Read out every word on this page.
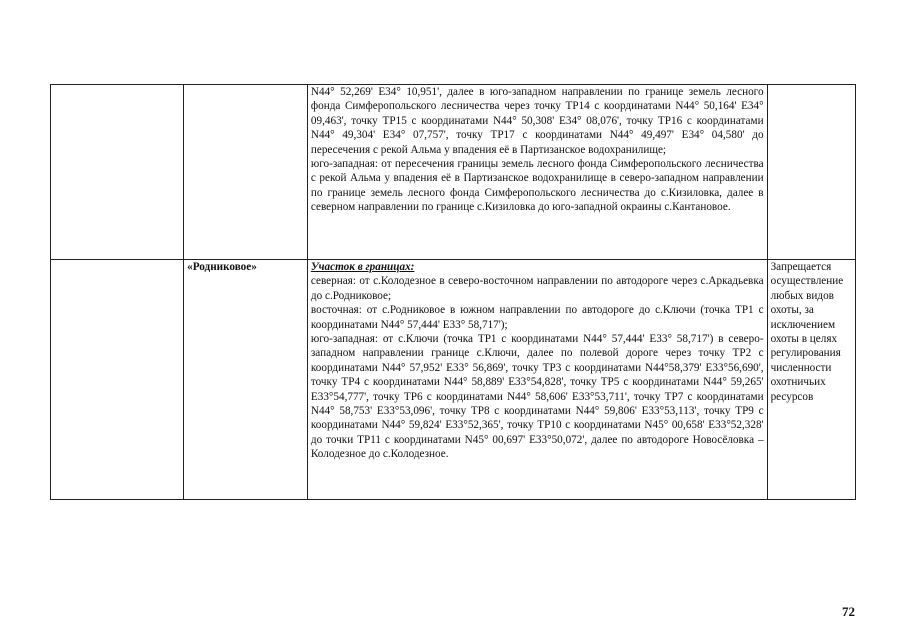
		N44° 52,269' E34° 10,951', далее в юго-западном направлении по границе земель лесного фонда Симферопольского лесничества через точку ТР14 с координатами N44° 50,164' E34° 09,463', точку ТР15 с координатами N44° 50,308' E34° 08,076', точку ТР16 с координатами N44° 49,304' E34° 07,757', точку ТР17 с координатами N44° 49,497' E34° 04,580' до пересечения с рекой Альма у впадения её в Партизанское водохранилище;

юго-западная: от пересечения границы земель лесного фонда Симферопольского лесничества с рекой Альма у впадения её в Партизанское водохранилище в северо-западном направлении по границе земель лесного фонда Симферопольского лесничества до с.Кизиловка, далее в северном направлении по границе с.Кизиловка до юго-западной окраины с.Кантановое.	

	«Родниковое»	Участок в границах:

северная: от с.Колодезное в северо-восточном направлении по автодороге через с.Аркадьевка до с.Родниковое;

восточная: от с.Родниковое в южном направлении по автодороге до с.Ключи (точка ТР1 с координатами N44° 57,444' E33° 58,717');

юго-западная: от с.Ключи (точка ТР1 с координатами N44° 57,444' E33° 58,717') в северо-западном направлении границе с.Ключи, далее по полевой дороге через точку ТР2 с координатами N44° 57,952' E33° 56,869', точку ТР3 с координатами N44°58,379' E33°56,690', точку ТР4 с координатами N44° 58,889' E33°54,828', точку ТР5 с координатами N44° 59,265' E33°54,777', точку ТР6 с координатами N44° 58,606' E33°53,711', точку ТР7 с координатами N44° 58,753' E33°53,096', точку ТР8 с координатами N44° 59,806' E33°53,113', точку ТР9 с координатами N44° 59,824' E33°52,365', точку ТР10 с координатами N45° 00,658' E33°52,328' до точки ТР11 с координатами N45° 00,697' E33°50,072', далее по автодороге Новосёловка – Колодезное до с.Колодезное.	Запрещается осуществление любых видов охоты, за исключением охоты в целях регулирования численности охотничьих ресурсов
72
